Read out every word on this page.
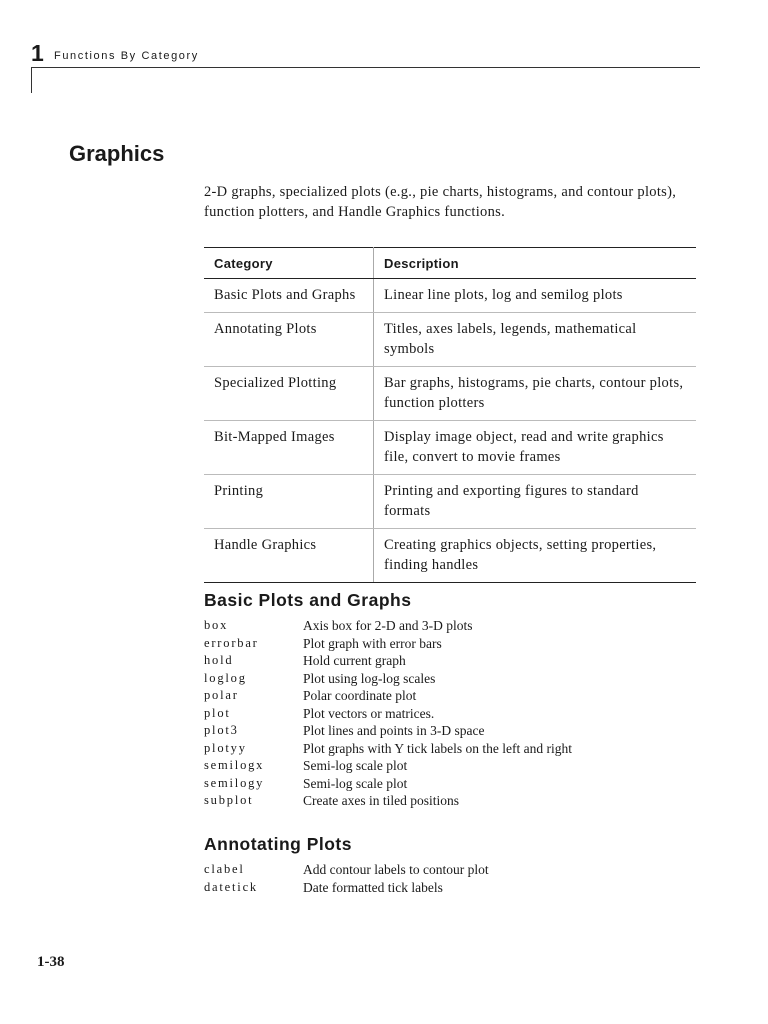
1 Functions By Category
Graphics

2-D graphs, specialized plots (e.g., pie charts, histograms, and contour plots), function plotters, and Handle Graphics functions.

Category	Description
Basic Plots and Graphs	Linear line plots, log and semilog plots
Annotating Plots	Titles, axes labels, legends, mathematical symbols
Specialized Plotting	Bar graphs, histograms, pie charts, contour plots, function plotters
Bit-Mapped Images	Display image object, read and write graphics file, convert to movie frames
Printing	Printing and exporting figures to standard formats
Handle Graphics	Creating graphics objects, setting properties, finding handles
Basic Plots and Graphs
box	Axis box for 2-D and 3-D plots
errorbar	Plot graph with error bars
hold	Hold current graph
loglog	Plot using log-log scales
polar	Polar coordinate plot
plot	Plot vectors or matrices.
plot3	Plot lines and points in 3-D space
plotyy	Plot graphs with Y tick labels on the left and right
semilogx	Semi-log scale plot
semilogy	Semi-log scale plot
subplot	Create axes in tiled positions
Annotating Plots
clabel	Add contour labels to contour plot
datetick	Date formatted tick labels
1-38
